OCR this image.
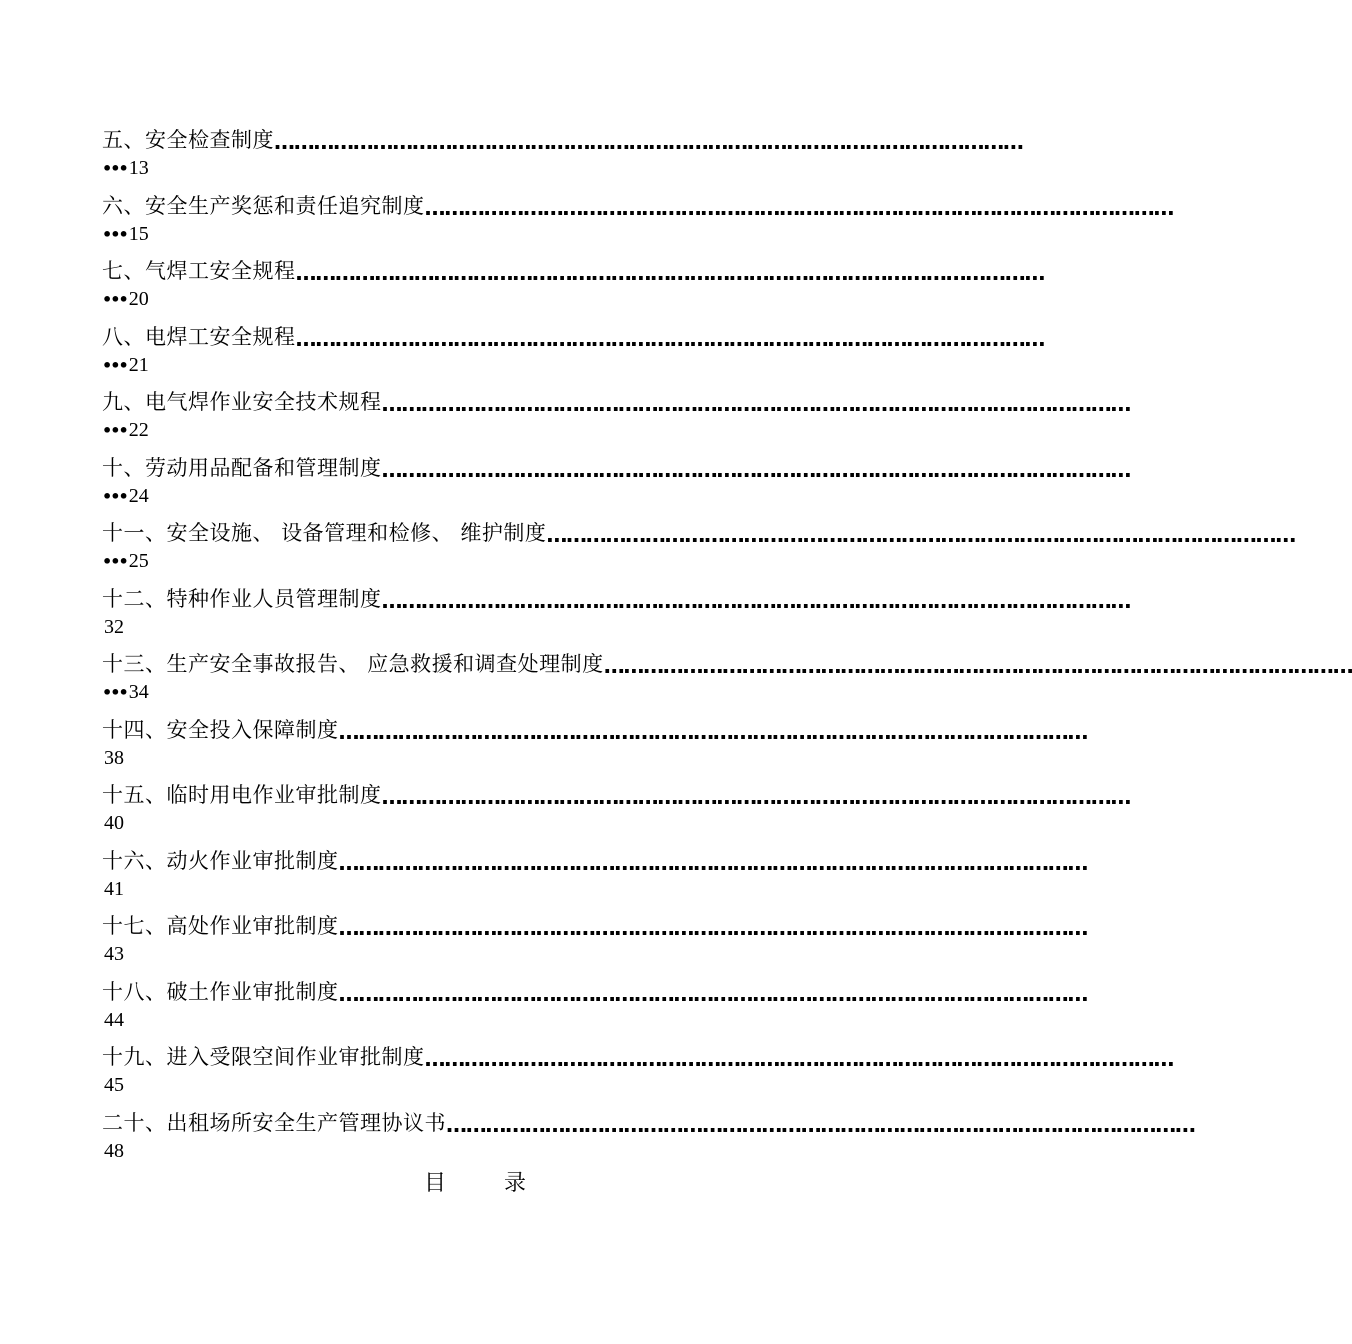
五、安全检查制度 ……………………………………………………………………………………………………
••• 13
六、安全生产奖惩和责任追究制度 ……………………………………………………………………………………………………
••• 15
七、气焊工安全规程 ……………………………………………………………………………………………………
••• 20
八、电焊工安全规程 ……………………………………………………………………………………………………
••• 21
九、电气焊作业安全技术规程 ……………………………………………………………………………………………………
••• 22
十、劳动用品配备和管理制度 ……………………………………………………………………………………………………
••• 24
十一、安全设施、 设备管理和检修、 维护制度 ……………………………………………………………………………………………………
••• 25
十二、特种作业人员管理制度 ……………………………………………………………………………………………………
32
十三、生产安全事故报告、 应急救援和调查处理制度 ……………………………………………………………………………………………………
••• 34
十四、安全投入保障制度 ……………………………………………………………………………………………………
38
十五、临时用电作业审批制度 ……………………………………………………………………………………………………
40
十六、动火作业审批制度 ……………………………………………………………………………………………………
41
十七、高处作业审批制度 ……………………………………………………………………………………………………
43
十八、破土作业审批制度 ……………………………………………………………………………………………………
44
十九、进入受限空间作业审批制度 ……………………………………………………………………………………………………
45
二十、出租场所安全生产管理协议书 ……………………………………………………………………………………………………
48
目	录
